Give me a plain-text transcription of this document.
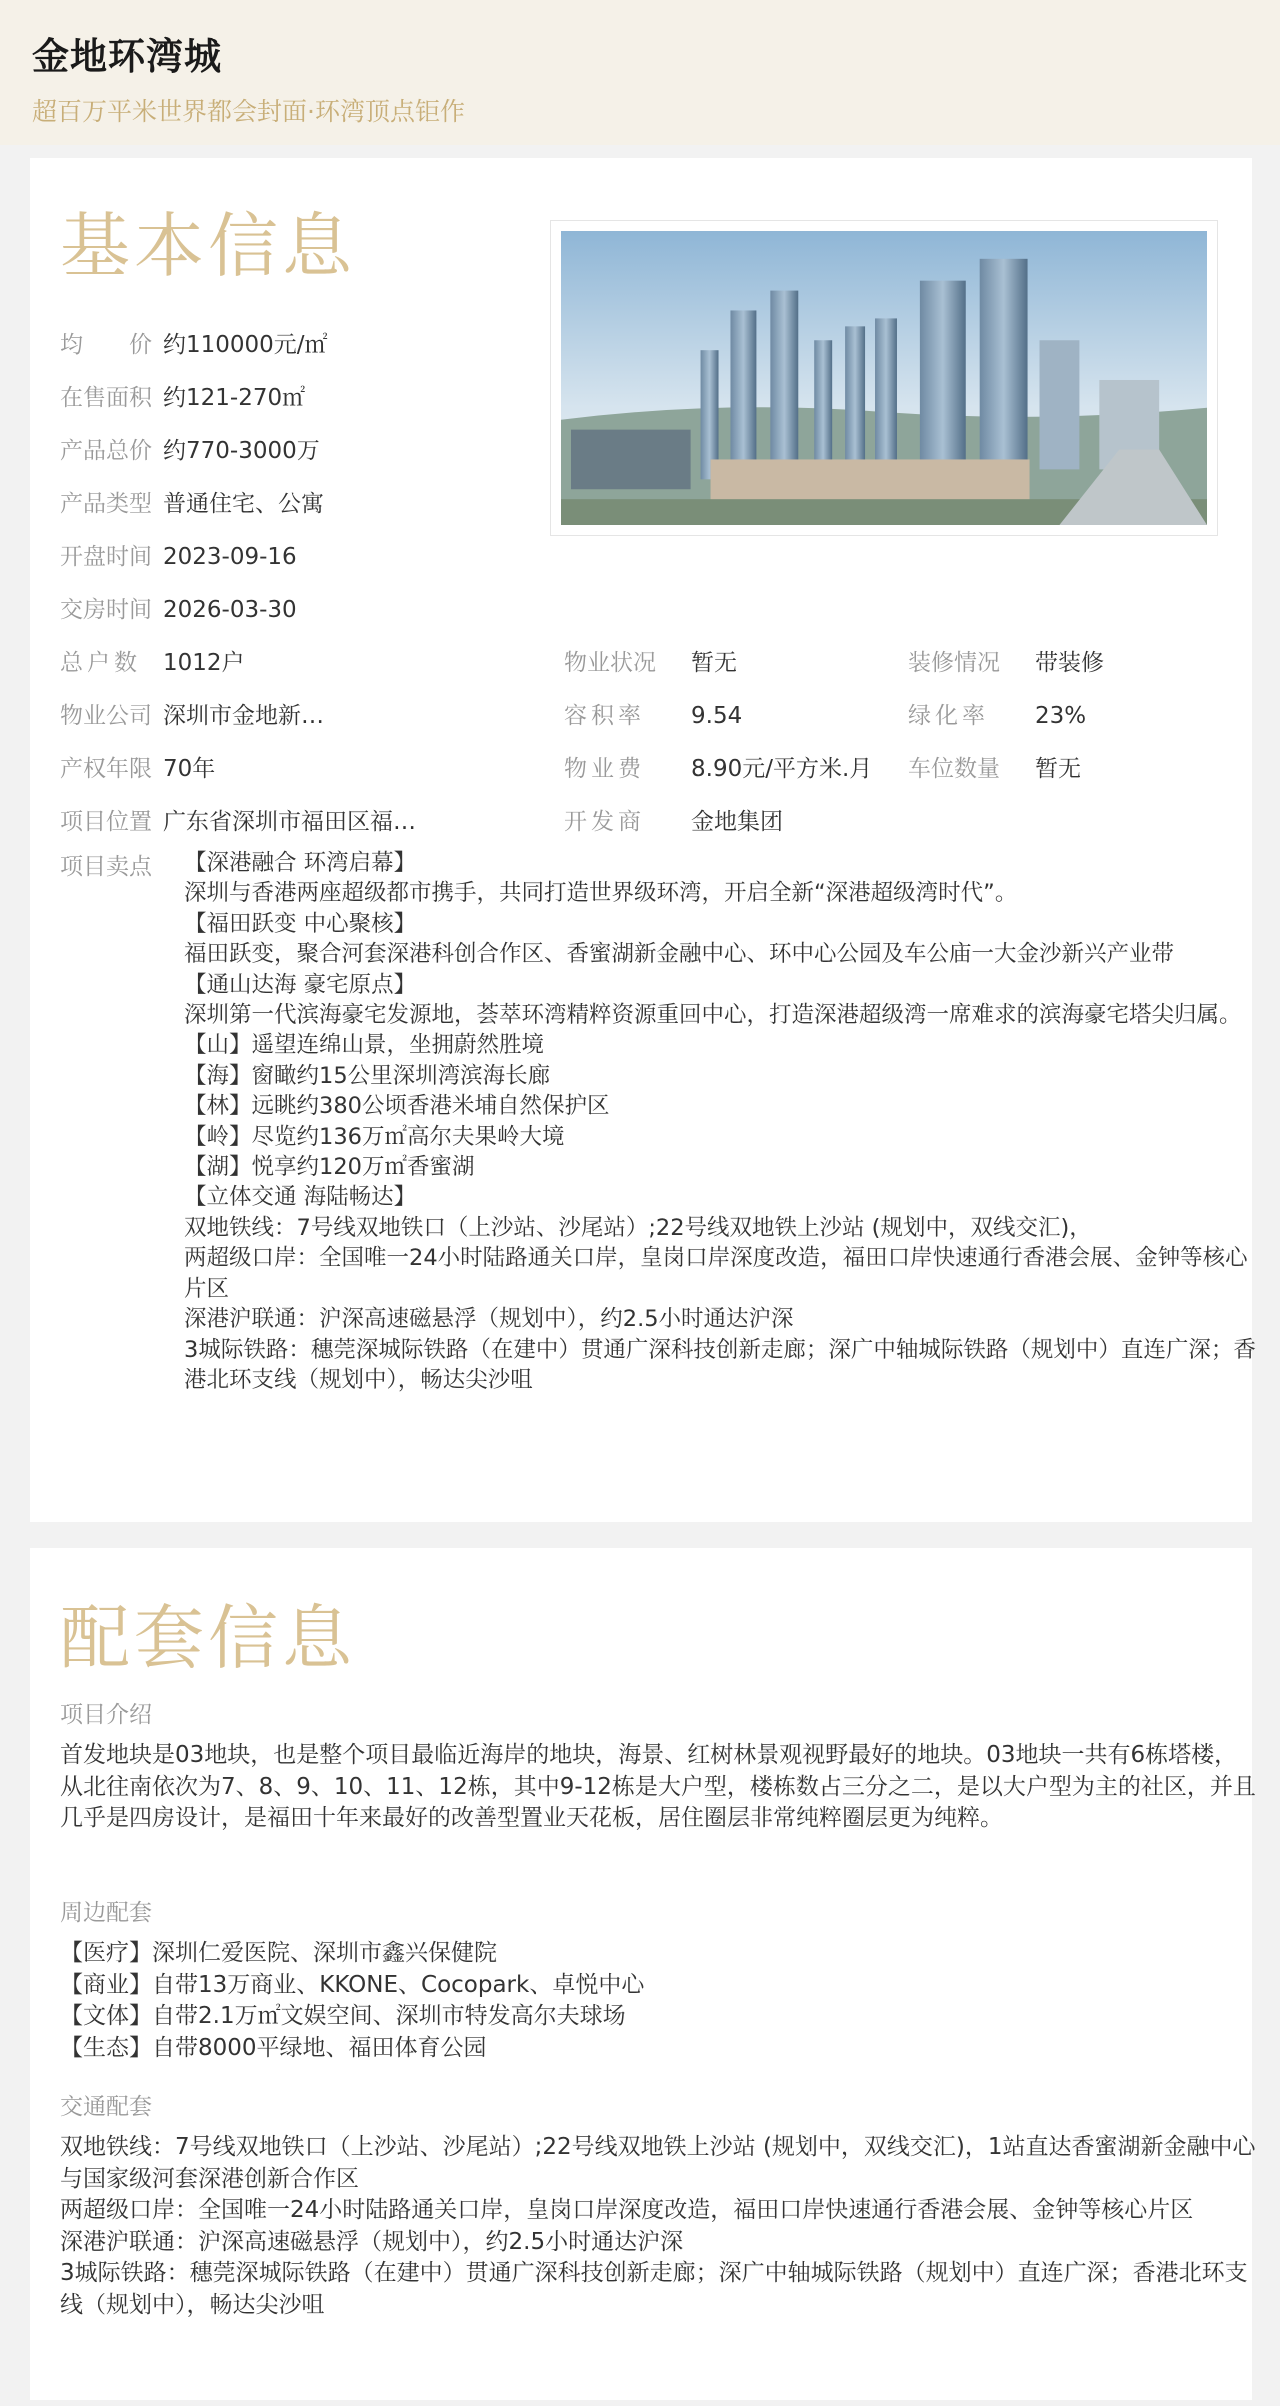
金地环湾城
超百万平米世界都会封面·环湾顶点钜作
基本信息
均　　价 约110000元/㎡
在售面积 约121-270㎡
产品总价 约770-3000万
产品类型 普通住宅、公寓
开盘时间 2023-09-16
交房时间 2026-03-30
总户数 1012户
物业公司 深圳市金地新…
产权年限 70年
项目位置 广东省深圳市福田区福…
物业状况 暂无
容积率 9.54
物业费 8.90元/平方米.月
开发商 金地集团
装修情况 带装修
绿化率 23%
车位数量 暂无
项目卖点 【深港融合 环湾启幕】

深圳与香港两座超级都市携手，共同打造世界级环湾，开启全新“深港超级湾时代”。

【福田跃变 中心聚核】

福田跃变，聚合河套深港科创合作区、香蜜湖新金融中心、环中心公园及车公庙一大金沙新兴产业带

【通山达海 豪宅原点】

深圳第一代滨海豪宅发源地，荟萃环湾精粹资源重回中心，打造深港超级湾一席难求的滨海豪宅塔尖归属。

【山】遥望连绵山景，坐拥蔚然胜境

【海】窗瞰约15公里深圳湾滨海长廊

【林】远眺约380公顷香港米埔自然保护区

【岭】尽览约136万㎡高尔夫果岭大境

【湖】悦享约120万㎡香蜜湖

【立体交通 海陆畅达】

双地铁线：7号线双地铁口（上沙站、沙尾站）;22号线双地铁上沙站 (规划中，双线交汇)，

两超级口岸：全国唯一24小时陆路通关口岸，皇岗口岸深度改造，福田口岸快速通行香港会展、金钟等核心片区

深港沪联通：沪深高速磁悬浮（规划中），约2.5小时通达沪深

3城际铁路：穗莞深城际铁路（在建中）贯通广深科技创新走廊；深广中轴城际铁路（规划中）直连广深；香港北环支线（规划中），畅达尖沙咀

配套信息
项目介绍

首发地块是03地块，也是整个项目最临近海岸的地块，海景、红树林景观视野最好的地块。03地块一共有6栋塔楼，从北往南依次为7、8、9、10、11、12栋，其中9-12栋是大户型，楼栋数占三分之二，是以大户型为主的社区，并且几乎是四房设计，是福田十年来最好的改善型置业天花板，居住圈层非常纯粹圈层更为纯粹。

周边配套

【医疗】深圳仁爱医院、深圳市鑫兴保健院

【商业】自带13万商业、KKONE、Cocopark、卓悦中心

【文体】自带2.1万㎡文娱空间、深圳市特发高尔夫球场

【生态】自带8000平绿地、福田体育公园

交通配套

双地铁线：7号线双地铁口（上沙站、沙尾站）;22号线双地铁上沙站 (规划中，双线交汇)，1站直达香蜜湖新金融中心与国家级河套深港创新合作区

两超级口岸：全国唯一24小时陆路通关口岸，皇岗口岸深度改造，福田口岸快速通行香港会展、金钟等核心片区

深港沪联通：沪深高速磁悬浮（规划中），约2.5小时通达沪深

3城际铁路：穗莞深城际铁路（在建中）贯通广深科技创新走廊；深广中轴城际铁路（规划中）直连广深；香港北环支线（规划中），畅达尖沙咀
